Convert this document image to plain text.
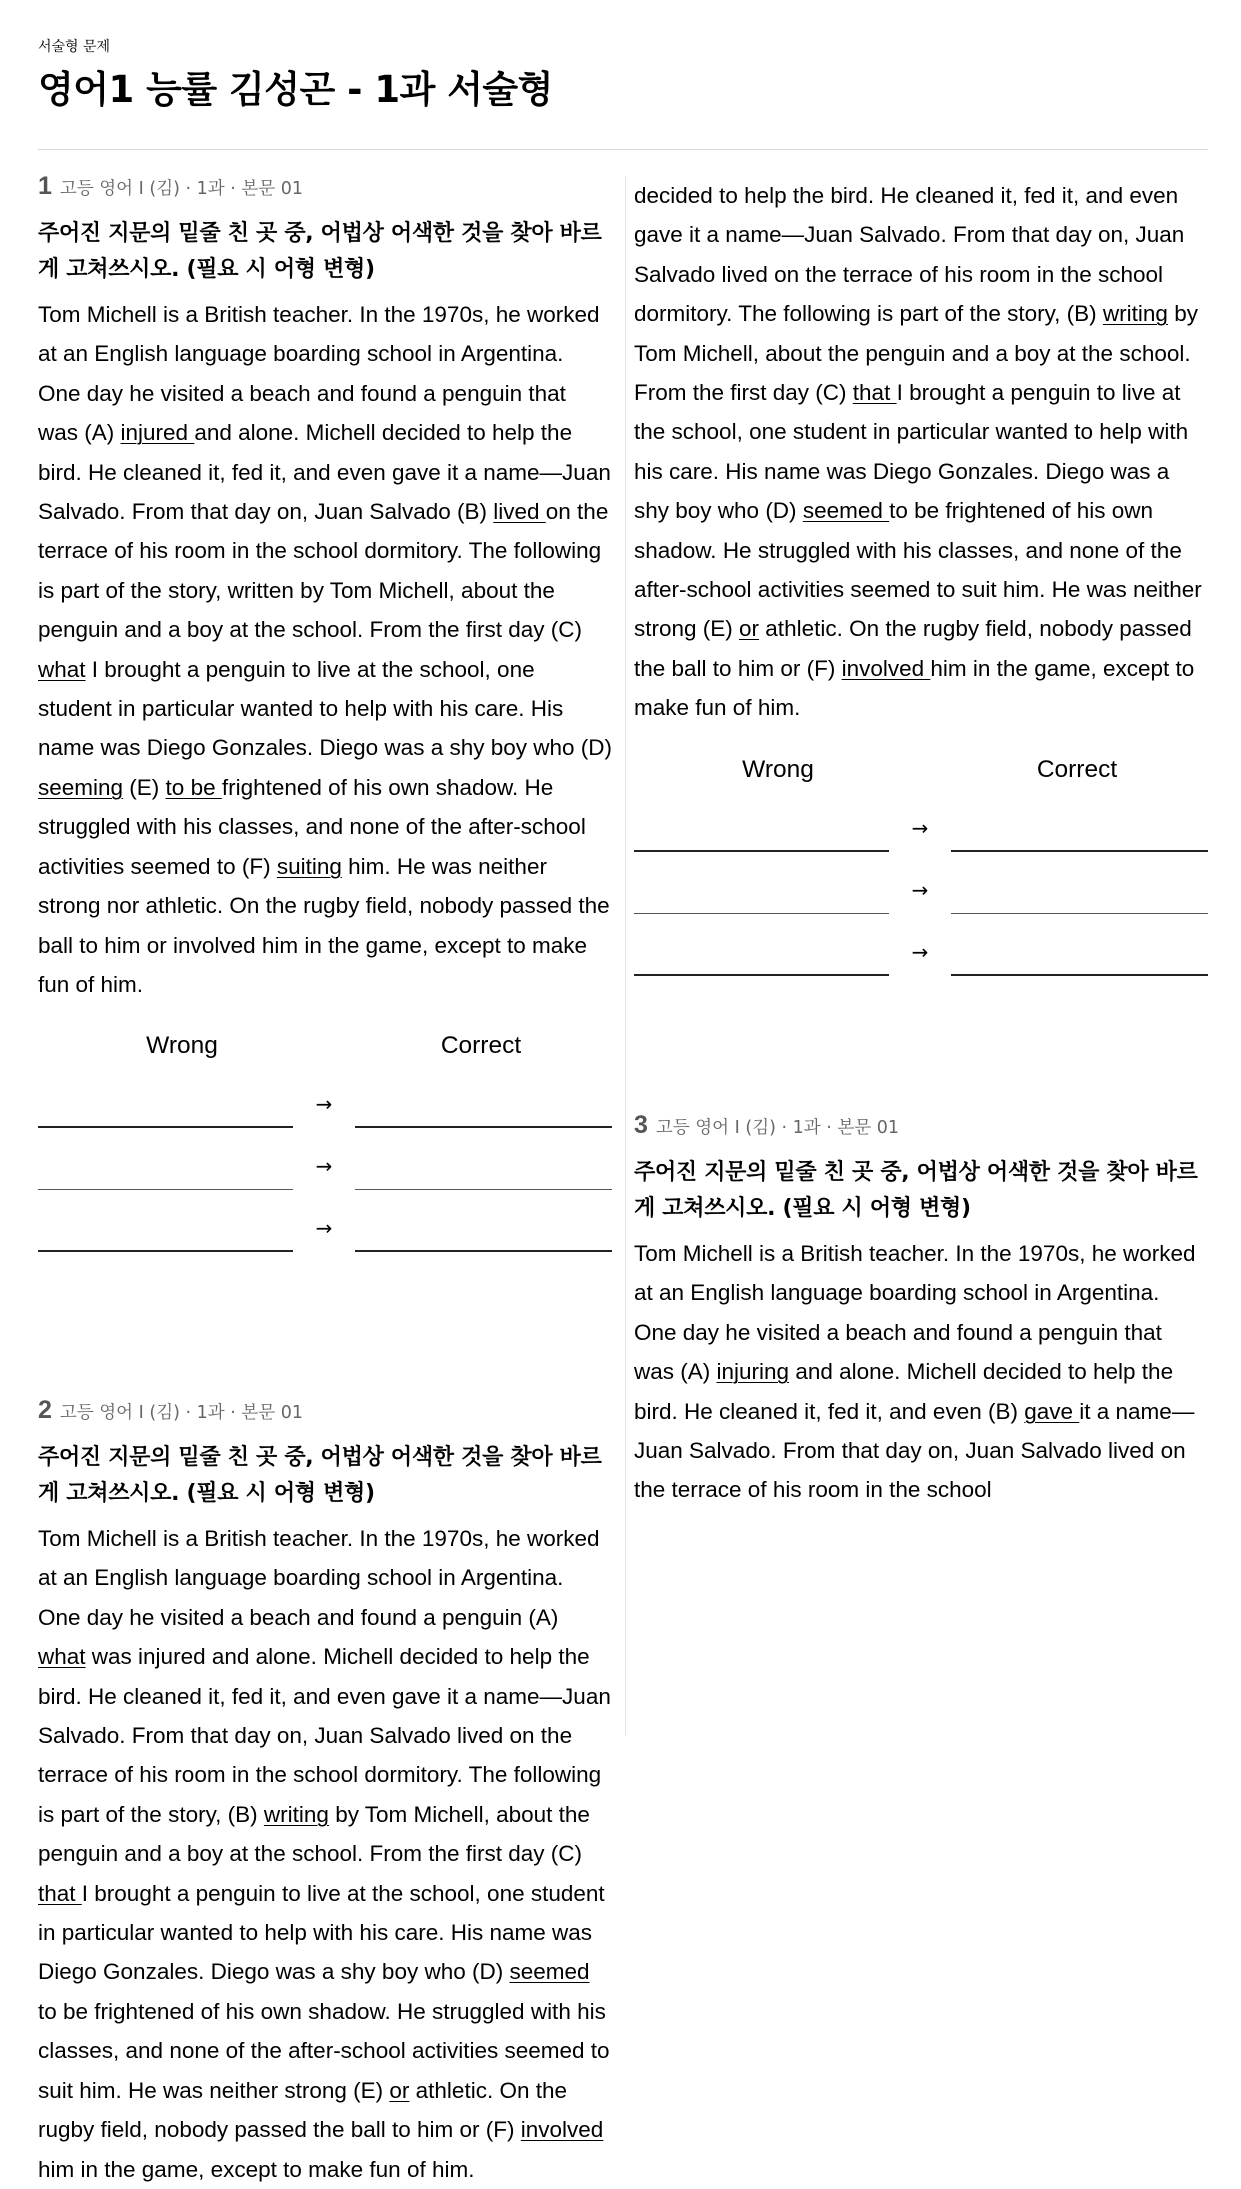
서술형 문제
영어1 능률 김성곤 - 1과 서술형
1 고등 영어 I (김) · 1과 · 본문 01
주어진 지문의 밑줄 친 곳 중, 어법상 어색한 것을 찾아 바르게 고쳐쓰시오. (필요 시 어형 변형)
Tom Michell is a British teacher. In the 1970s, he worked at an English language boarding school in Argentina. One day he visited a beach and found a penguin that was (A) injured and alone. Michell decided to help the bird. He cleaned it, fed it, and even gave it a name—Juan Salvado. From that day on, Juan Salvado (B) lived on the terrace of his room in the school dormitory. The following is part of the story, written by Tom Michell, about the penguin and a boy at the school. From the first day (C) what I brought a penguin to live at the school, one student in particular wanted to help with his care. His name was Diego Gonzales. Diego was a shy boy who (D) seeming (E) to be frightened of his own shadow. He struggled with his classes, and none of the after-school activities seemed to (F) suiting him. He was neither strong nor athletic. On the rugby field, nobody passed the ball to him or involved him in the game, except to make fun of him.
Wrong	Correct
→
→
→
2 고등 영어 I (김) · 1과 · 본문 01
주어진 지문의 밑줄 친 곳 중, 어법상 어색한 것을 찾아 바르게 고쳐쓰시오. (필요 시 어형 변형)
Tom Michell is a British teacher. In the 1970s, he worked at an English language boarding school in Argentina. One day he visited a beach and found a penguin (A) what was injured and alone. Michell decided to help the bird. He cleaned it, fed it, and even gave it a name—Juan Salvado. From that day on, Juan Salvado lived on the terrace of his room in the school dormitory. The following is part of the story, (B) writing by Tom Michell, about the penguin and a boy at the school. From the first day (C) that I brought a penguin to live at the school, one student in particular wanted to help with his care. His name was Diego Gonzales. Diego was a shy boy who (D) seemed to be frightened of his own shadow. He struggled with his classes, and none of the after-school activities seemed to suit him. He was neither strong (E) or athletic. On the rugby field, nobody passed the ball to him or (F) involved him in the game, except to make fun of him.
decided to help the bird. He cleaned it, fed it, and even gave it a name—Juan Salvado. From that day on, Juan Salvado lived on the terrace of his room in the school dormitory. The following is part of the story, (B) writing by Tom Michell, about the penguin and a boy at the school. From the first day (C) that I brought a penguin to live at the school, one student in particular wanted to help with his care. His name was Diego Gonzales. Diego was a shy boy who (D) seemed to be frightened of his own shadow. He struggled with his classes, and none of the after-school activities seemed to suit him. He was neither strong (E) or athletic. On the rugby field, nobody passed the ball to him or (F) involved him in the game, except to make fun of him.
Wrong	Correct
→
→
→
3 고등 영어 I (김) · 1과 · 본문 01
주어진 지문의 밑줄 친 곳 중, 어법상 어색한 것을 찾아 바르게 고쳐쓰시오. (필요 시 어형 변형)
Tom Michell is a British teacher. In the 1970s, he worked at an English language boarding school in Argentina. One day he visited a beach and found a penguin that was (A) injuring and alone. Michell decided to help the bird. He cleaned it, fed it, and even (B) gave it a name—Juan Salvado. From that day on, Juan Salvado lived on the terrace of his room in the school
